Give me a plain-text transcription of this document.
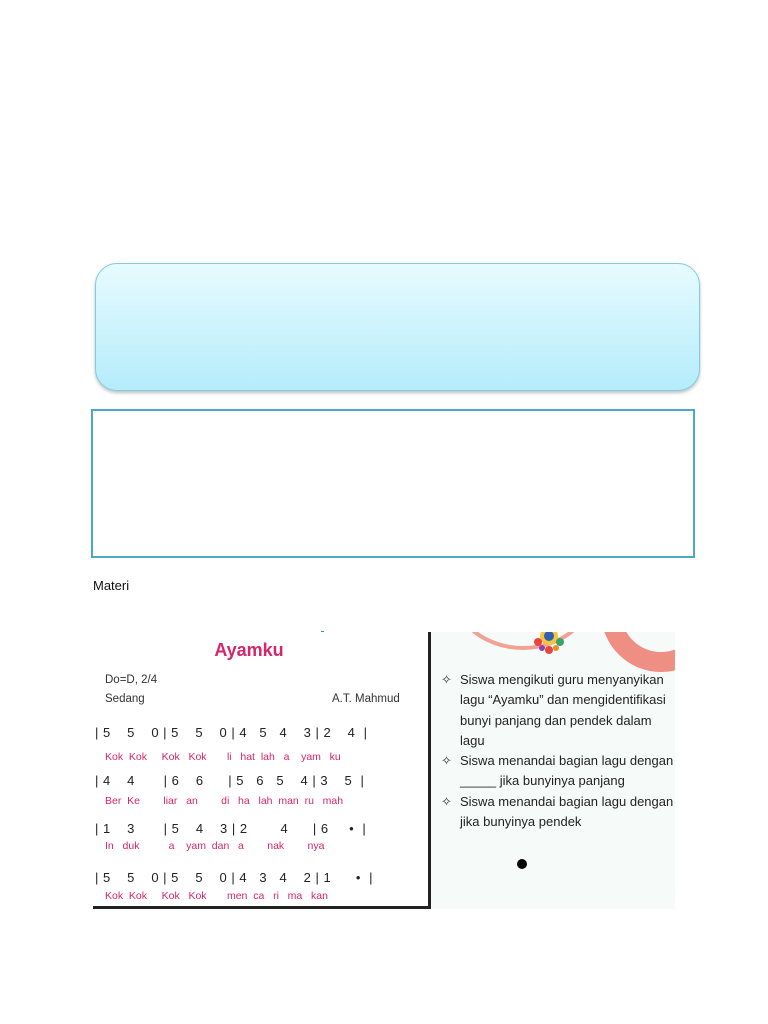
Materi
Ayamku
Do=D, 2/4
Sedang	A.T. Mahmud
| 5    5    0 | 5    5    0 | 4   5   4    3 | 2    4  |
Kok  Kok     Kok   Kok       li   hat  lah   a    yam   ku
| 4    4       | 6    6      | 5   6   5    4 | 3    5  |
Ber  Ke        liar   an        di   ha   lah  man  ru   mah
| 1    3       | 5    4    3 | 2        4      | 6     •  |
In   duk          a    yam  dan   a        nak        nya
| 5    5    0 | 5    5    0 | 4   3   4    2 | 1      •  |
Kok  Kok     Kok   Kok       men  ca   ri   ma   kan
✧ Siswa mengikuti guru menyanyikan lagu “Ayamku” dan mengidentifikasi bunyi panjang dan pendek dalam lagu
✧ Siswa menandai bagian lagu dengan _____ jika bunyinya panjang
✧ Siswa menandai bagian lagu dengan jika bunyinya pendek
